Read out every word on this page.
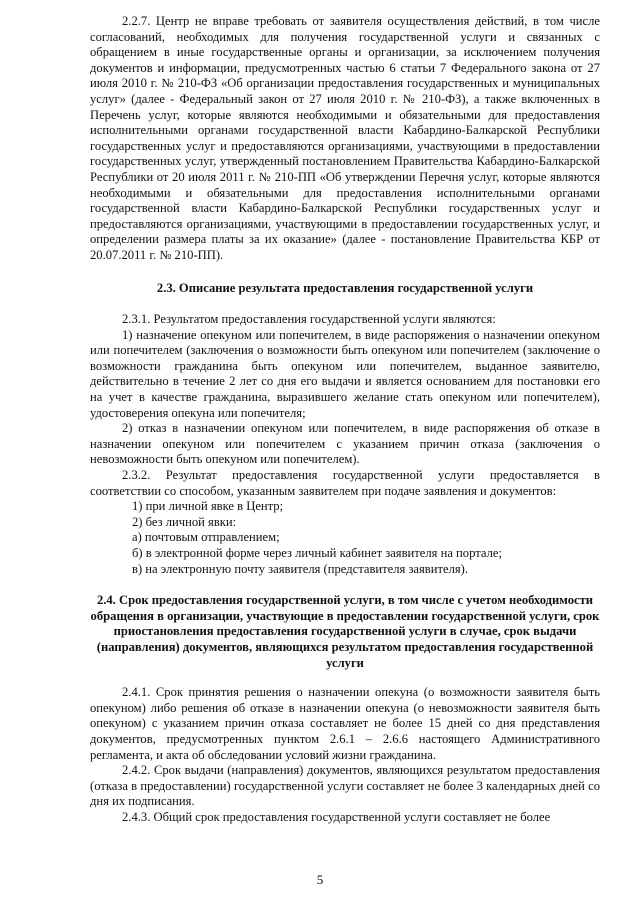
2.2.7. Центр не вправе требовать от заявителя осуществления действий, в том числе согласований, необходимых для получения государственной услуги и связанных с обращением в иные государственные органы и организации, за исключением получения документов и информации, предусмотренных частью 6 статьи 7 Федерального закона от 27 июля 2010 г. № 210-ФЗ «Об организации предоставления государственных и муниципальных услуг» (далее - Федеральный закон от 27 июля 2010 г. № 210-ФЗ), а также включенных в Перечень услуг, которые являются необходимыми и обязательными для предоставления исполнительными органами государственной власти Кабардино-Балкарской Республики государственных услуг и предоставляются организациями, участвующими в предоставлении государственных услуг, утвержденный постановлением Правительства Кабардино-Балкарской Республики от 20 июля 2011 г. № 210-ПП «Об утверждении Перечня услуг, которые являются необходимыми и обязательными для предоставления исполнительными органами государственной власти Кабардино-Балкарской Республики государственных услуг и предоставляются организациями, участвующими в предоставлении государственных услуг, и определении размера платы за их оказание» (далее - постановление Правительства КБР от 20.07.2011 г. № 210-ПП).

2.3. Описание результата предоставления государственной услуги

2.3.1. Результатом предоставления государственной услуги являются:

1) назначение опекуном или попечителем, в виде распоряжения о назначении опекуном или попечителем (заключения о возможности быть опекуном или попечителем (заключение о возможности гражданина быть опекуном или попечителем, выданное заявителю, действительно в течение 2 лет со дня его выдачи и является основанием для постановки его на учет в качестве гражданина, выразившего желание стать опекуном или попечителем), удостоверения опекуна или попечителя;

2) отказ в назначении опекуном или попечителем, в виде распоряжения об отказе в назначении опекуном или попечителем с указанием причин отказа (заключения о невозможности быть опекуном или попечителем).

2.3.2. Результат предоставления государственной услуги предоставляется в соответствии со способом, указанным заявителем при подаче заявления и документов:

1) при личной явке в Центр;

2) без личной явки:

а) почтовым отправлением;

б) в электронной форме через личный кабинет заявителя на портале;

в) на электронную почту заявителя (представителя заявителя).

2.4. Срок предоставления государственной услуги, в том числе с учетом необходимости обращения в организации, участвующие в предоставлении государственной услуги, срок приостановления предоставления государственной услуги в случае, срок выдачи (направления) документов, являющихся результатом предоставления государственной услуги

2.4.1. Срок принятия решения о назначении опекуна (о возможности заявителя быть опекуном) либо решения об отказе в назначении опекуна (о невозможности заявителя быть опекуном) с указанием причин отказа составляет не более 15 дней со дня представления документов, предусмотренных пунктом 2.6.1 – 2.6.6 настоящего Административного регламента, и акта об обследовании условий жизни гражданина.

2.4.2. Срок выдачи (направления) документов, являющихся результатом предоставления (отказа в предоставлении) государственной услуги составляет не более 3 календарных дней со дня их подписания.

2.4.3. Общий срок предоставления государственной услуги составляет не более

5
